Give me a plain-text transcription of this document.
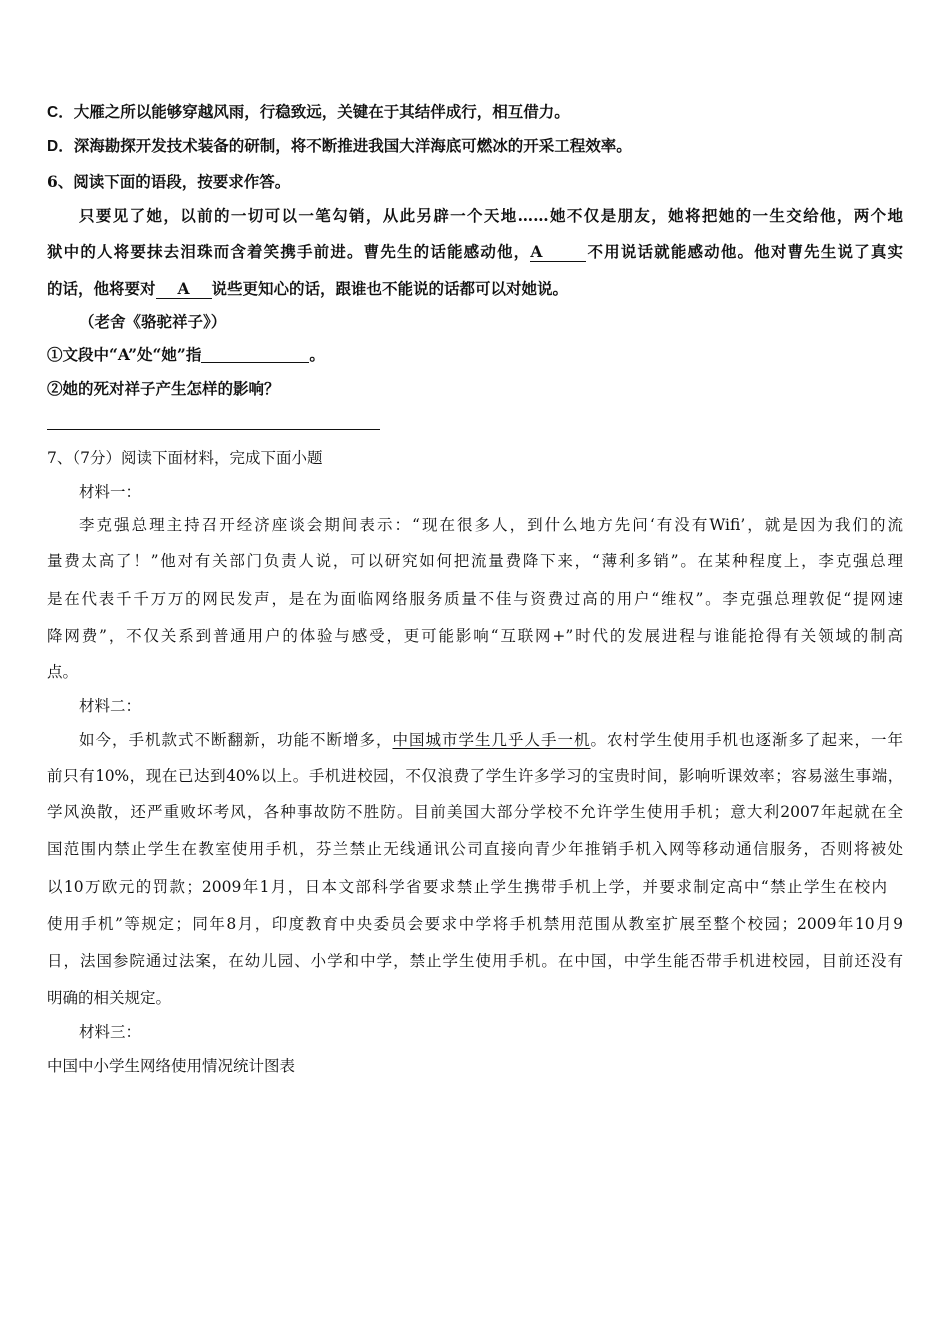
C．大雁之所以能够穿越风雨，行稳致远，关键在于其结伴成行，相互借力。
D．深海勘探开发技术装备的研制，将不断推进我国大洋海底可燃冰的开采工程效率。
6、阅读下面的语段，按要求作答。
只要见了她，以前的一切可以一笔勾销，从此另辟一个天地……她不仅是朋友，她将把她的一生交给他，两个地
狱中的人将要抹去泪珠而含着笑携手前进。曹先生的话能感动他，A	不用说话就能感动他。他对曹先生说了真实
的话，他将要对 A 说些更知心的话，跟谁也不能说的话都可以对她说。
（老舍《骆驼祥子》）
①文段中“A”处“她”指	。
②她的死对祥子产生怎样的影响？
7、（7分）阅读下面材料，完成下面小题
材料一：
李克强总理主持召开经济座谈会期间表示：“现在很多人，到什么地方先问‘有没有Wifi’，就是因为我们的流
量费太高了！”他对有关部门负责人说，可以研究如何把流量费降下来，“薄利多销”。在某种程度上，李克强总理
是在代表千千万万的网民发声，是在为面临网络服务质量不佳与资费过高的用户“维权”。李克强总理敦促“提网速
降网费”，不仅关系到普通用户的体验与感受，更可能影响“互联网+”时代的发展进程与谁能抢得有关领域的制高
点。
材料二：
如今，手机款式不断翻新，功能不断增多，中国城市学生几乎人手一机。农村学生使用手机也逐渐多了起来，一年
前只有10%，现在已达到40%以上。手机进校园，不仅浪费了学生许多学习的宝贵时间，影响听课效率；容易滋生事端，
学风涣散，还严重败坏考风，各种事故防不胜防。目前美国大部分学校不允许学生使用手机；意大利2007年起就在全
国范围内禁止学生在教室使用手机，芬兰禁止无线通讯公司直接向青少年推销手机入网等移动通信服务，否则将被处
以10万欧元的罚款；2009年1月，日本文部科学省要求禁止学生携带手机上学，并要求制定高中“禁止学生在校内
使用手机”等规定；同年8月，印度教育中央委员会要求中学将手机禁用范围从教室扩展至整个校园；2009年10月9
日，法国参院通过法案，在幼儿园、小学和中学，禁止学生使用手机。在中国，中学生能否带手机进校园，目前还没有
明确的相关规定。
材料三：
中国中小学生网络使用情况统计图表
